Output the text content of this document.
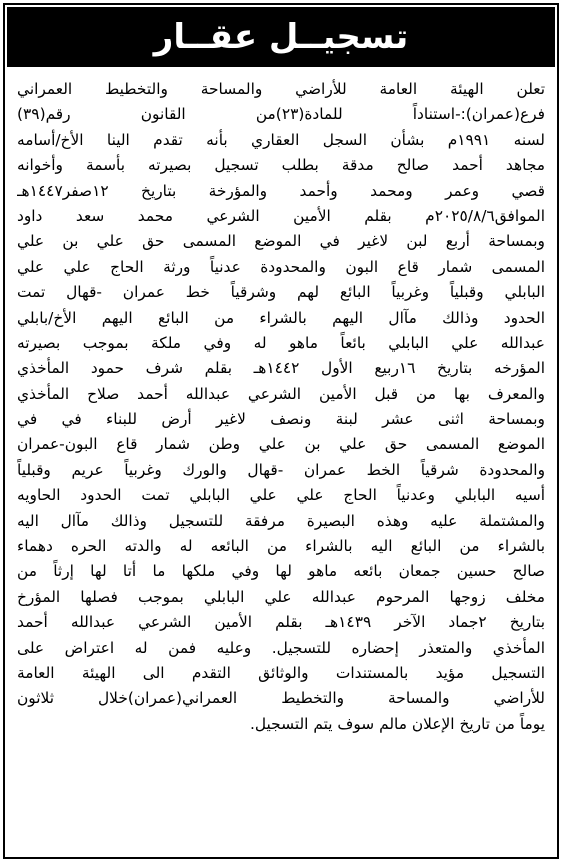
تسجيــل عقــار
تعلن الهيئة العامة للأراضي والمساحة والتخطيط العمراني
فرع(عمران):-استناداً للمادة(٢٣)من القانون رقم(٣٩)
لسنه ١٩٩١م بشأن السجل العقاري بأنه تقدم الينا الأخ/أسامه
مجاهد أحمد صالح مدقة بطلب تسجيل بصيرته بأسمة وأخوانه
قصي وعمر ومحمد وأحمد والمؤرخة بتاريخ ١٢صفر١٤٤٧هـ
الموافق٢٠٢٥/٨/٦م بقلم الأمين الشرعي محمد سعد داود
وبمساحة أربع لبن لاغير في الموضع المسمى حق علي بن علي
المسمى شمار قاع البون والمحدودة عدنياً ورثة الحاج علي علي
البابلي وقبلياً وغربياً البائع لهم وشرقياً خط عمران -قهال تمت
الحدود وذالك مآال اليهم بالشراء من البائع اليهم الأخ/بابلي
عبدالله علي البابلي بائعاً ماهو له وفي ملكة بموجب بصيرته
المؤرخه بتاريخ ١٦ربيع الأول ١٤٤٢هـ بقلم شرف حمود المأخذي
والمعرف بها من قبل الأمين الشرعي عبدالله أحمد صلاح المأخذي
وبمساحة اثنى عشر لبنة ونصف لاغير أرض للبناء في في
الموضع المسمى حق علي بن علي وطن شمار قاع البون-عمران
والمحدودة شرقياً الخط عمران -قهال والورك وغربياً عريم وقبلياً
أسيه البابلي وعدنياً الحاج علي علي البابلي تمت الحدود الحاويه
والمشتملة عليه وهذه البصيرة مرفقة للتسجيل وذالك مآال اليه
بالشراء من البائع اليه بالشراء من البائعه له والدته الحره دهماء
صالح حسين جمعان بائعه ماهو لها وفي ملكها ما أتا لها إرثاً من
مخلف زوجها المرحوم عبدالله علي البابلي بموجب فصلها المؤرخ
بتاريخ ٢جماد الآخر ١٤٣٩هـ بقلم الأمين الشرعي عبدالله أحمد
المأخذي والمتعذر إحضاره للتسجيل. وعليه فمن له اعتراض على
التسجيل مؤيد بالمستندات والوثائق التقدم الى الهيئة العامة
للأراضي والمساحة والتخطيط العمراني(عمران)خلال ثلاثون
يوماً من تاريخ الإعلان مالم سوف يتم التسجيل.
